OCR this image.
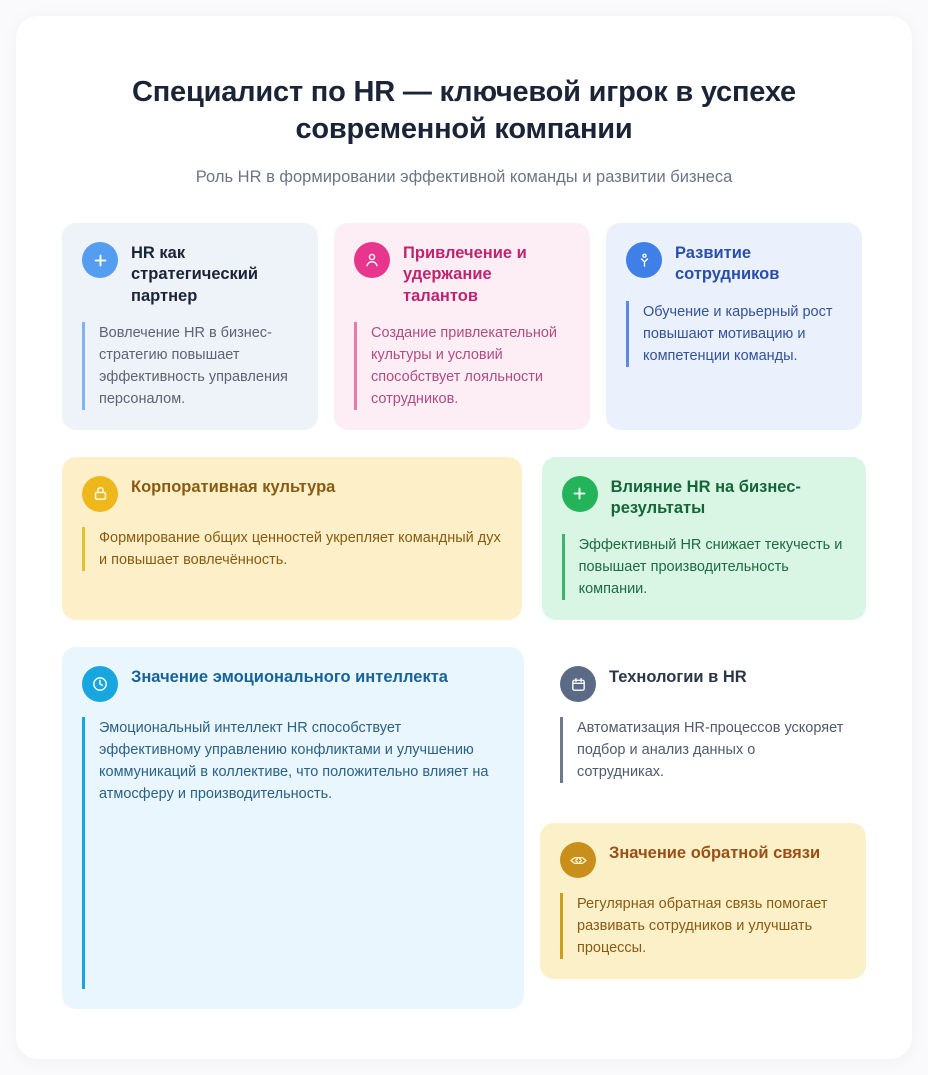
Специалист по HR — ключевой игрок в успехе современной компании

Роль HR в формировании эффективной команды и развитии бизнеса

HR как стратегический партнер
Вовлечение HR в бизнес-стратегию повышает эффективность управления персоналом.
Привлечение и удержание талантов
Создание привлекательной культуры и условий способствует лояльности сотрудников.
Развитие сотрудников
Обучение и карьерный рост повышают мотивацию и компетенции команды.
Корпоративная культура
Формирование общих ценностей укрепляет командный дух и повышает вовлечённость.
Влияние HR на бизнес-результаты
Эффективный HR снижает текучесть и повышает производительность компании.
Значение эмоционального интеллекта
Эмоциональный интеллект HR способствует эффективному управлению конфликтами и улучшению коммуникаций в коллективе, что положительно влияет на атмосферу и производительность.
Технологии в HR
Автоматизация HR-процессов ускоряет подбор и анализ данных о сотрудниках.
Значение обратной связи
Регулярная обратная связь помогает развивать сотрудников и улучшать процессы.
